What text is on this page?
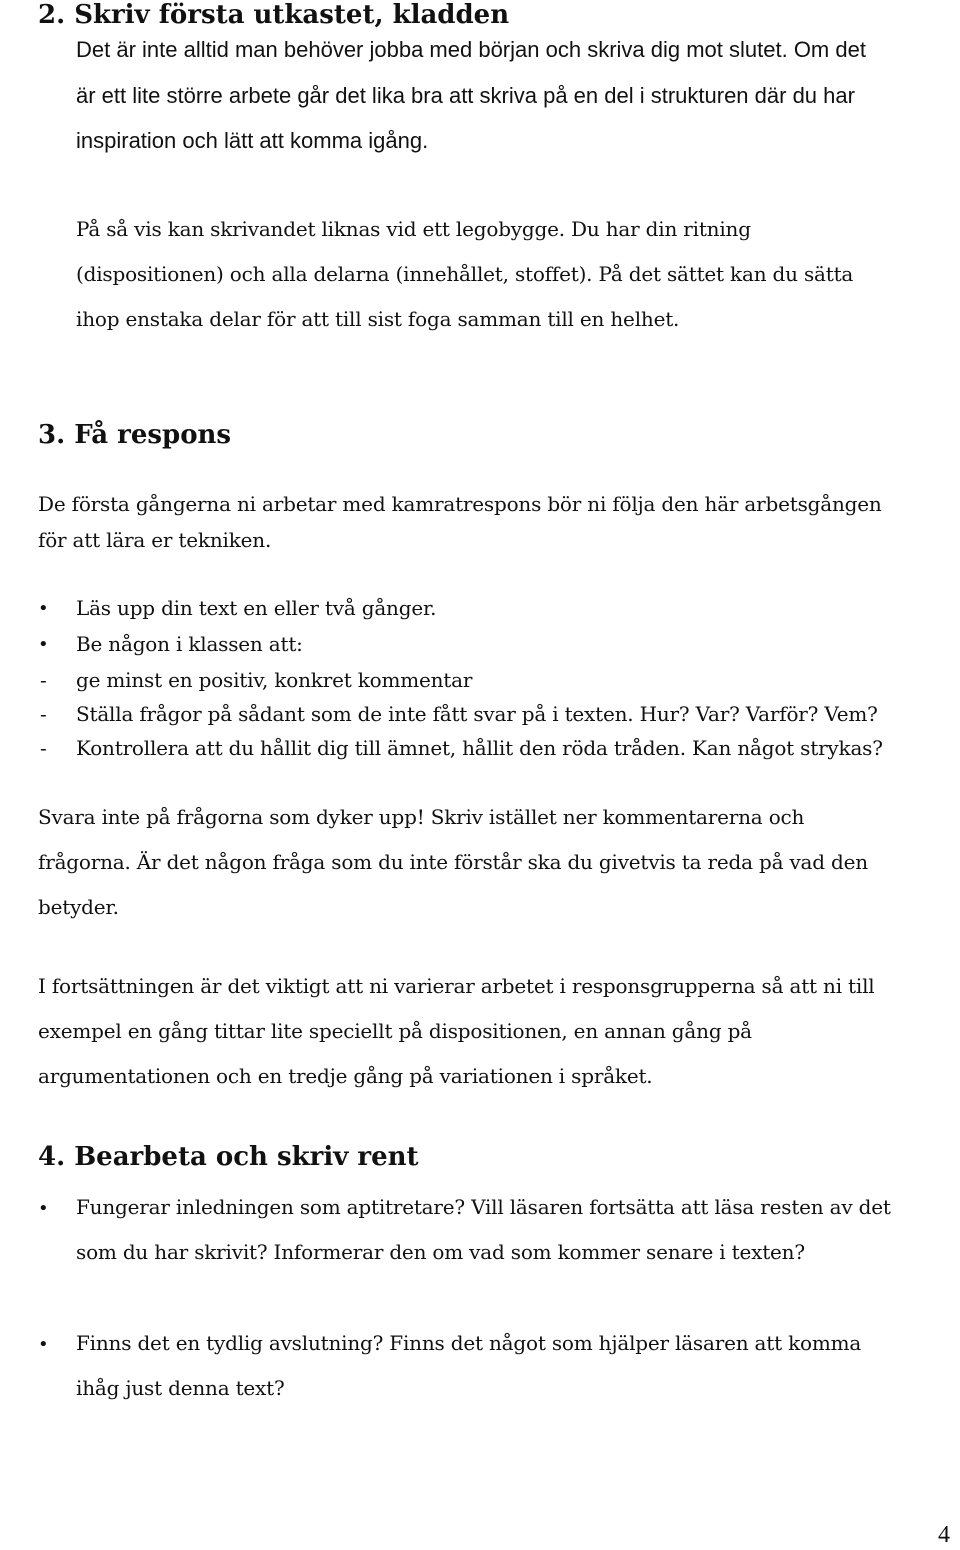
2. Skriv första utkastet, kladden

Det är inte alltid man behöver jobba med början och skriva dig mot slutet. Om det

är ett lite större arbete går det lika bra att skriva på en del i strukturen där du har

inspiration och lätt att komma igång.

På så vis kan skrivandet liknas vid ett legobygge. Du har din ritning

(dispositionen) och alla delarna (innehållet, stoffet). På det sättet kan du sätta

ihop enstaka delar för att till sist foga samman till en helhet.

3. Få respons

De första gångerna ni arbetar med kamratrespons bör ni följa den här arbetsgången

för att lära er tekniken.

• Läs upp din text en eller två gånger.

• Be någon i klassen att:

- ge minst en positiv, konkret kommentar

- Ställa frågor på sådant som de inte fått svar på i texten. Hur? Var? Varför? Vem?

- Kontrollera att du hållit dig till ämnet, hållit den röda tråden. Kan något strykas?

Svara inte på frågorna som dyker upp! Skriv istället ner kommentarerna och

frågorna. Är det någon fråga som du inte förstår ska du givetvis ta reda på vad den

betyder.

I fortsättningen är det viktigt att ni varierar arbetet i responsgrupperna så att ni till

exempel en gång tittar lite speciellt på dispositionen, en annan gång på

argumentationen och en tredje gång på variationen i språket.

4. Bearbeta och skriv rent
• Fungerar inledningen som aptitretare? Vill läsaren fortsätta att läsa resten av det

som du har skrivit? Informerar den om vad som kommer senare i texten?

• Finns det en tydlig avslutning? Finns det något som hjälper läsaren att komma

ihåg just denna text?

4
